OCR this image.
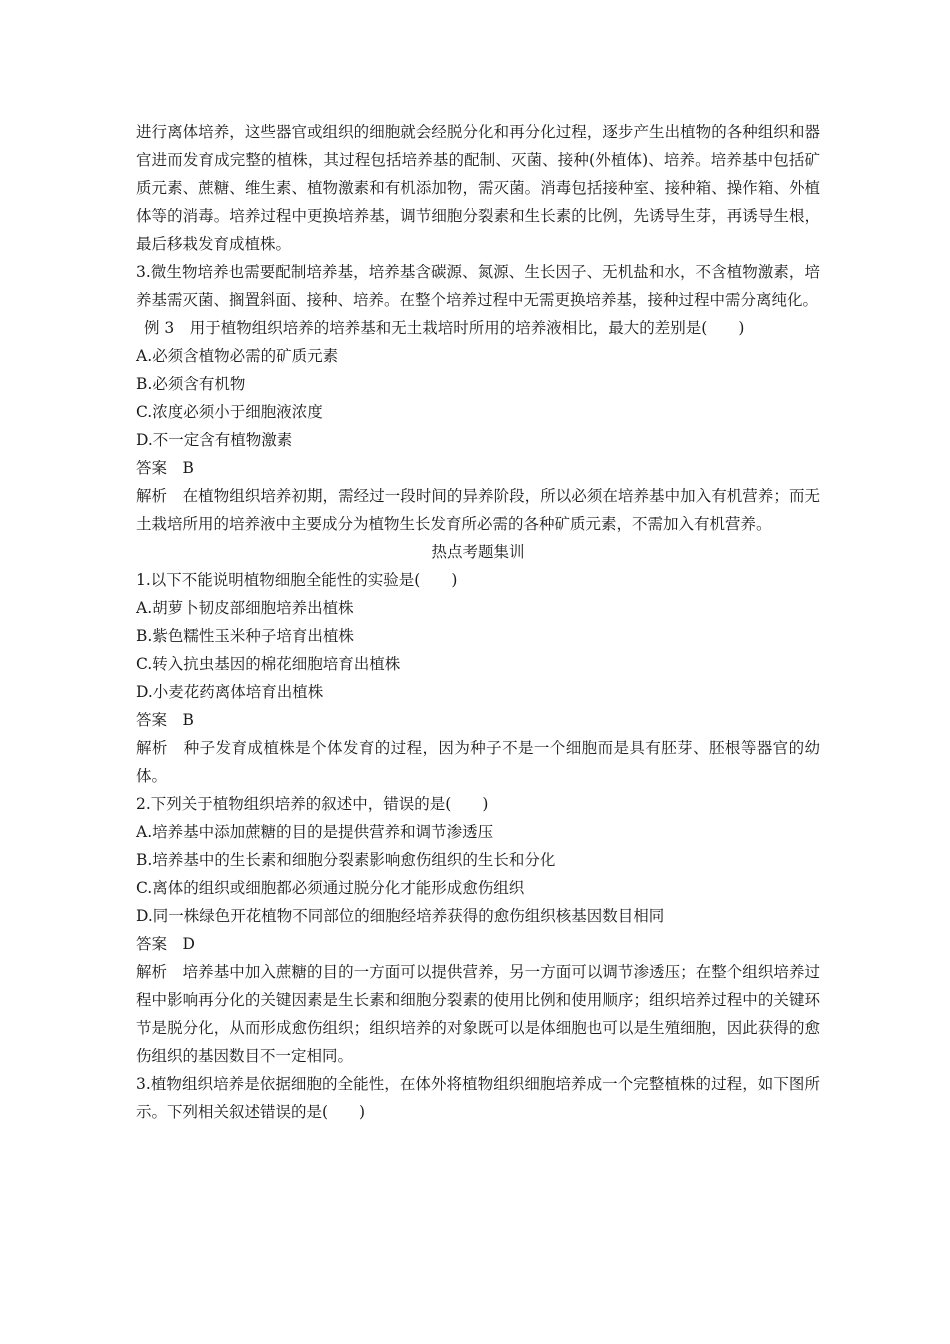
进行离体培养，这些器官或组织的细胞就会经脱分化和再分化过程，逐步产生出植物的各种组织和器官进而发育成完整的植株，其过程包括培养基的配制、灭菌、接种(外植体)、培养。培养基中包括矿质元素、蔗糖、维生素、植物激素和有机添加物，需灭菌。消毒包括接种室、接种箱、操作箱、外植体等的消毒。培养过程中更换培养基，调节细胞分裂素和生长素的比例，先诱导生芽，再诱导生根，最后移栽发育成植株。

3.微生物培养也需要配制培养基，培养基含碳源、氮源、生长因子、无机盐和水，不含植物激素，培养基需灭菌、搁置斜面、接种、培养。在整个培养过程中无需更换培养基，接种过程中需分离纯化。

例 3　用于植物组织培养的培养基和无土栽培时所用的培养液相比，最大的差别是(　　)

A.必须含植物必需的矿质元素

B.必须含有机物

C.浓度必须小于细胞液浓度

D.不一定含有植物激素

答案　B

解析　在植物组织培养初期，需经过一段时间的异养阶段，所以必须在培养基中加入有机营养；而无土栽培所用的培养液中主要成分为植物生长发育所必需的各种矿质元素，不需加入有机营养。

热点考题集训

1.以下不能说明植物细胞全能性的实验是(　　)

A.胡萝卜韧皮部细胞培养出植株

B.紫色糯性玉米种子培育出植株

C.转入抗虫基因的棉花细胞培育出植株

D.小麦花药离体培育出植株

答案　B

解析　种子发育成植株是个体发育的过程，因为种子不是一个细胞而是具有胚芽、胚根等器官的幼体。

2.下列关于植物组织培养的叙述中，错误的是(　　)

A.培养基中添加蔗糖的目的是提供营养和调节渗透压

B.培养基中的生长素和细胞分裂素影响愈伤组织的生长和分化

C.离体的组织或细胞都必须通过脱分化才能形成愈伤组织

D.同一株绿色开花植物不同部位的细胞经培养获得的愈伤组织核基因数目相同

答案　D

解析　培养基中加入蔗糖的目的一方面可以提供营养，另一方面可以调节渗透压；在整个组织培养过程中影响再分化的关键因素是生长素和细胞分裂素的使用比例和使用顺序；组织培养过程中的关键环节是脱分化，从而形成愈伤组织；组织培养的对象既可以是体细胞也可以是生殖细胞，因此获得的愈伤组织的基因数目不一定相同。

3.植物组织培养是依据细胞的全能性，在体外将植物组织细胞培养成一个完整植株的过程，如下图所示。下列相关叙述错误的是(　　)
